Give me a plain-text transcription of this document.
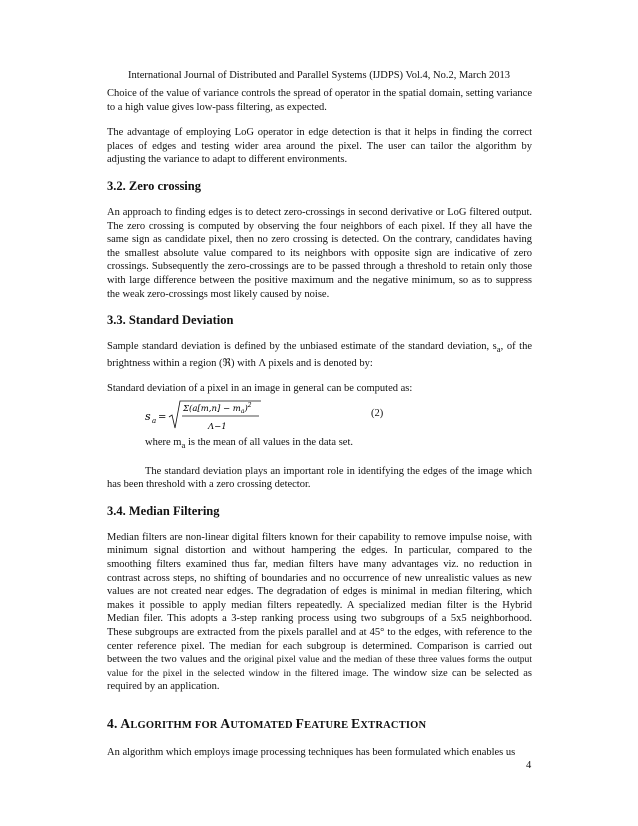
International Journal of Distributed and Parallel Systems (IJDPS) Vol.4, No.2, March 2013

Choice of the value of variance controls the spread of operator in the spatial domain, setting variance to a high value gives low-pass filtering, as expected.

The advantage of employing LoG operator in edge detection is that it helps in finding the correct places of edges and testing wider area around the pixel. The user can tailor the algorithm by adjusting the variance to adapt to different environments.

3.2. Zero crossing

An approach to finding edges is to detect zero-crossings in second derivative or LoG filtered output. The zero crossing is computed by observing the four neighbors of each pixel. If they all have the same sign as candidate pixel, then no zero crossing is detected. On the contrary, candidates having the smallest absolute value compared to its neighbors with opposite sign are indicative of zero crossings. Subsequently the zero-crossings are to be passed through a threshold to retain only those with large difference between the positive maximum and the negative minimum, so as to suppress the weak zero-crossings most likely caused by noise.

3.3. Standard Deviation

Sample standard deviation is defined by the unbiased estimate of the standard deviation, $s_a$, of the brightness within a region (ℜ) with Λ pixels and is denoted by:

Standard deviation of a pixel in an image in general can be computed as:

s a =
$\Sigma(a[m,n] - m_a)^2$
Λ−1
(2)

where $m_a$ is the mean of all values in the data set.

The standard deviation plays an important role in identifying the edges of the image which has been threshold with a zero crossing detector.

3.4. Median Filtering

Median filters are non-linear digital filters known for their capability to remove impulse noise, with minimum signal distortion and without hampering the edges. In particular, compared to the smoothing filters examined thus far, median filters have many advantages viz. no reduction in contrast across steps, no shifting of boundaries and no occurrence of new unrealistic values as new values are not created near edges. The degradation of edges is minimal in median filtering, which makes it possible to apply median filters repeatedly. A specialized median filter is the Hybrid Median filer. This adopts a 3-step ranking process using two subgroups of a 5x5 neighborhood. These subgroups are extracted from the pixels parallel and at 45° to the edges, with reference to the center reference pixel. The median for each subgroup is determined. Comparison is carried out between the two values and the original pixel value and the median of these three values forms the output value for the pixel in the selected window in the filtered image. The window size can be selected as required by an application.

4. ALGORITHM FOR AUTOMATED FEATURE EXTRACTION

An algorithm which employs image processing techniques has been formulated which enables us

4
